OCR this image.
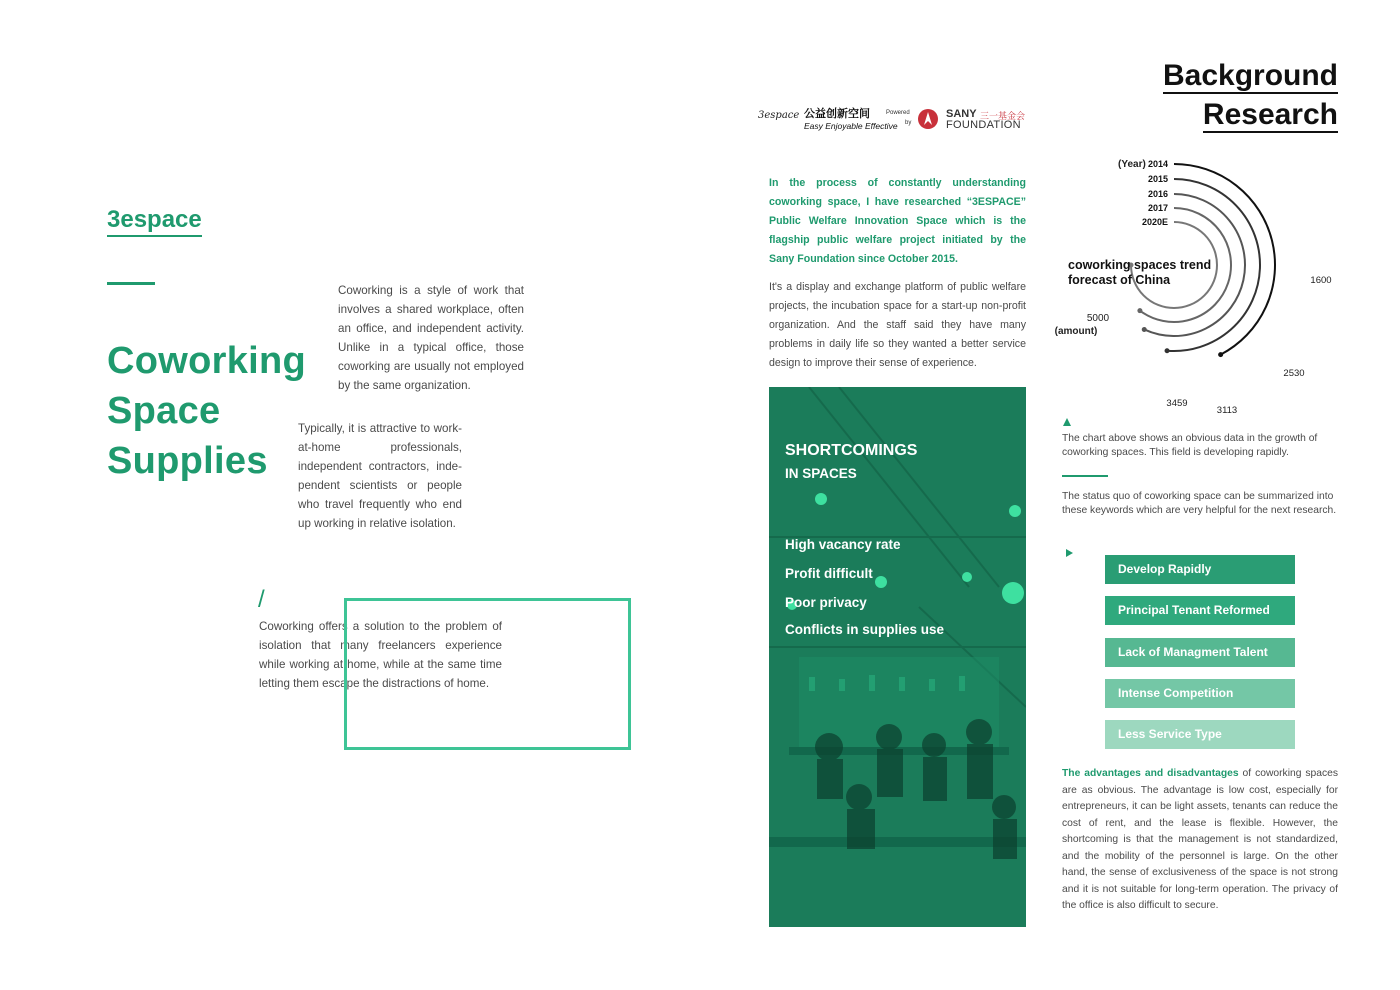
3espace
Coworking
Space
Supplies
Coworking is a style of work that involves a shared workplace, often an office, and independent activity. Unlike in a typical office, those coworking are usually not employed by the same organization.
Typically, it is attractive to work-at-home professionals, independent contractors, inde-pendent scientists or people who travel frequently who end up working in relative isolation.
/
Coworking offers a solution to the problem of isolation that many freelancers experience while working at home, while at the same time letting them escape the distractions of home.
3espace 公益创新空间
Easy Enjoyable Effective
Powered
by
SANY 三一基金会
FOUNDATION
In the process of constantly understanding coworking space, I have researched “3ESPACE” Public Welfare Innovation Space which is the flagship public welfare project initiated by the Sany Foundation since October 2015.
It's a display and exchange platform of public welfare projects, the incubation space for a start-up non-profit organization. And the staff said they have many problems in daily life so they wanted a better service design to improve their sense of experience.
SHORTCOMINGS
IN SPACES
High vacancy rate
Profit difficult
Poor privacy
Conflicts in supplies use
Background
Research
(Year) 2014
1600
2015
2530
2016
3113
2017
3459
2020E
coworking spaces trend forecast of China
5000
(amount)
The chart above shows an obvious data in the growth of coworking spaces. This field is developing rapidly.
The status quo of coworking space can be summarized into these keywords which are very helpful for the next research.
Develop Rapidly
Principal Tenant Reformed
Lack of Managment Talent
Intense Competition
Less Service Type
The advantages and disadvantages of coworking spaces are as obvious. The advantage is low cost, especially for entrepreneurs, it can be light assets, tenants can reduce the cost of rent, and the lease is flexible. However, the shortcoming is that the management is not standardized, and the mobility of the personnel is large. On the other hand, the sense of exclusiveness of the space is not strong and it is not suitable for long-term operation. The privacy of the office is also difficult to secure.
